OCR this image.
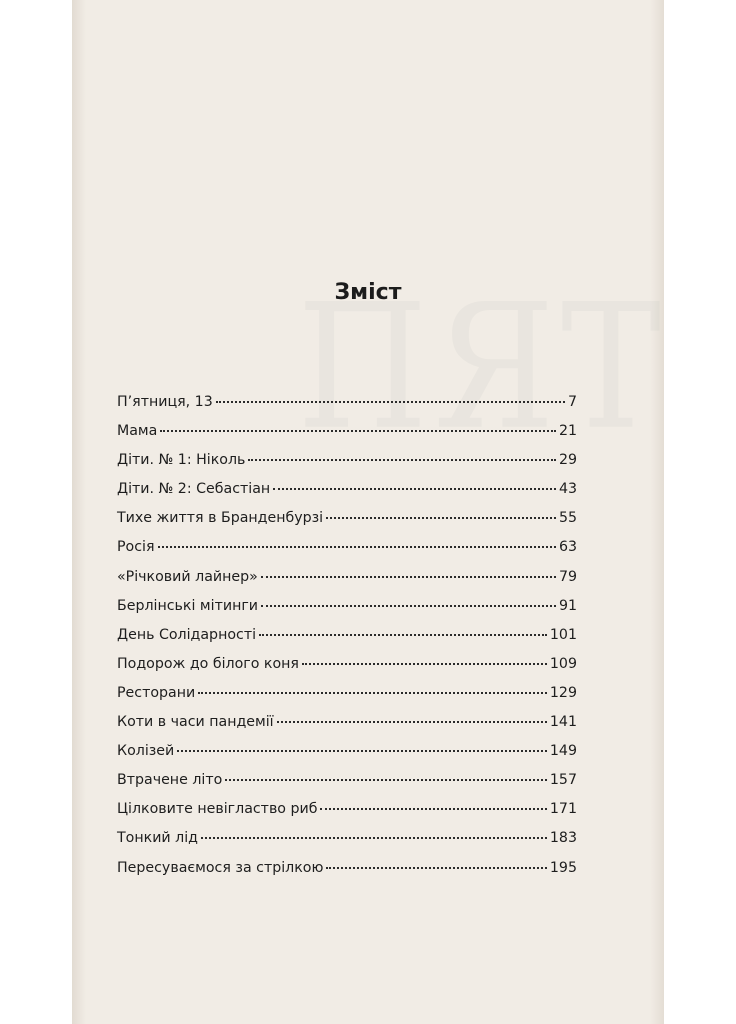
Зміст
П’ятниця, 13	7
Мама	21
Діти. № 1: Ніколь	29
Діти. № 2: Себастіан	43
Тихе життя в Бранденбурзі	55
Росія	63
«Річковий лайнер»	79
Берлінські мітинги	91
День Солідарності	101
Подорож до білого коня	109
Ресторани	129
Коти в часи пандемії	141
Колізей	149
Втрачене літо	157
Цілковите невігластво риб	171
Тонкий лід	183
Пересуваємося за стрілкою	195
